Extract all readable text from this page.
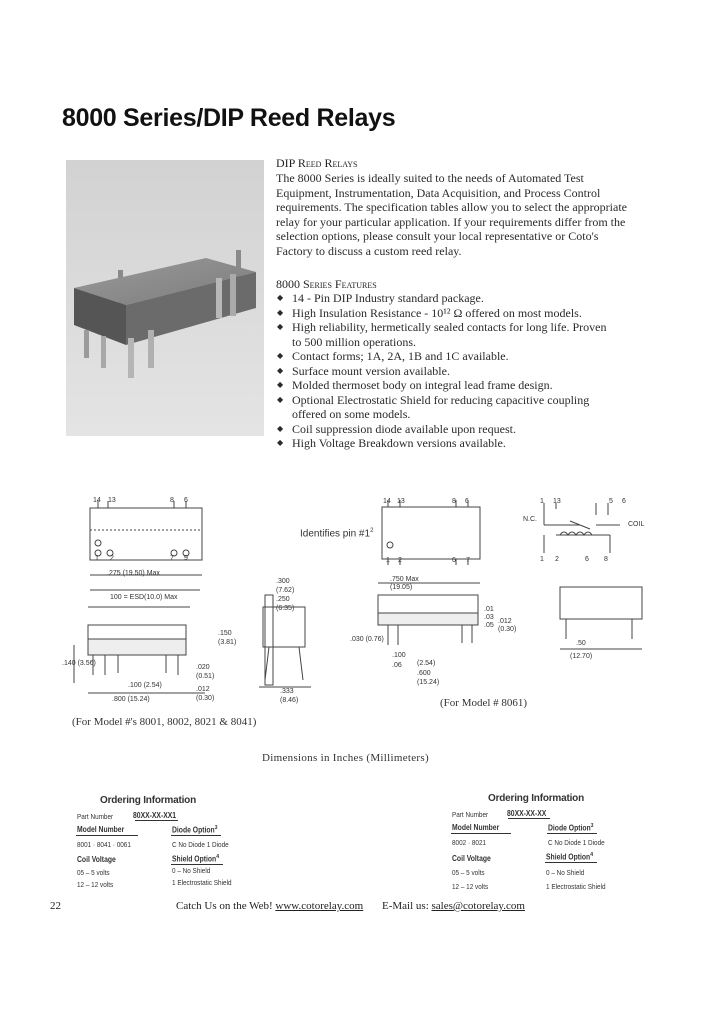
8000 Series/DIP Reed Relays
DIP Reed Relays
The 8000 Series is ideally suited to the needs of Automated Test
Equipment, Instrumentation, Data Acquisition, and Process Control
requirements. The specification tables allow you to select the appropriate
relay for your particular application. If your requirements differ from the
selection options, please consult your local representative or Coto's
Factory to discuss a custom reed relay.
8000 Series Features
◆ 14 - Pin DIP Industry standard package.
◆ High Insulation Resistance - 10¹² Ω offered on most models.
◆ High reliability, hermetically sealed contacts for long life. Proven
to 500 million operations.
◆ Contact forms; 1A, 2A, 1B and 1C available.
◆ Surface mount version available.
◆ Molded thermoset body on integral lead frame design.
◆ Optional Electrostatic Shield for reducing capacitive coupling
offered on some models.
◆ Coil suppression diode available upon request.
◆ High Voltage Breakdown versions available.
14 13	8 6
1 2	7 9
.275 (19.50) Max
100 = ESD(10.0) Max
.300
(7.62)
.250
(6.35)
.150
(3.81)
.140 (3.56)
.100 (2.54)
.800 (15.24)
.020
(0.51)
.012
(0.30)
.333
(8.46)
Identifies pin $\#1^2$
14 13	8 6
1 2	6 7
.750 Max
(19.05)
.01
.03
.05
.012
(0.30)
.030 (0.76)
.100
(2.54)
.600
(15.24)
.06
1 13	5 6
N.C.
COIL
1 2	6 8
.50
(12.70)
(For Model #'s 8001, 8002, 8021 & 8041)
(For Model # 8061)
Dimensions in Inches (Millimeters)
Ordering Information
Part Number 80XX-XX-XX1
Model Number	Diode Option$^3$
8001 · 8041 · 0061	C No Diode 1 Diode
Coil Voltage	Shield Option$^4$
05 – 5 volts
12 – 12 volts
0 – No Shield
1 Electrostatic Shield
Ordering Information
Part Number 80XX-XX-XX
Model Number	Diode Option$^3$
8002 · 8021	C No Diode 1 Diode
Coil Voltage	Shield Option$^4$
05 – 5 volts
12 – 12 volts
0 – No Shield
1 Electrostatic Shield
22	Catch Us on the Web! www.cotorelay.com E-Mail us: sales@cotorelay.com
